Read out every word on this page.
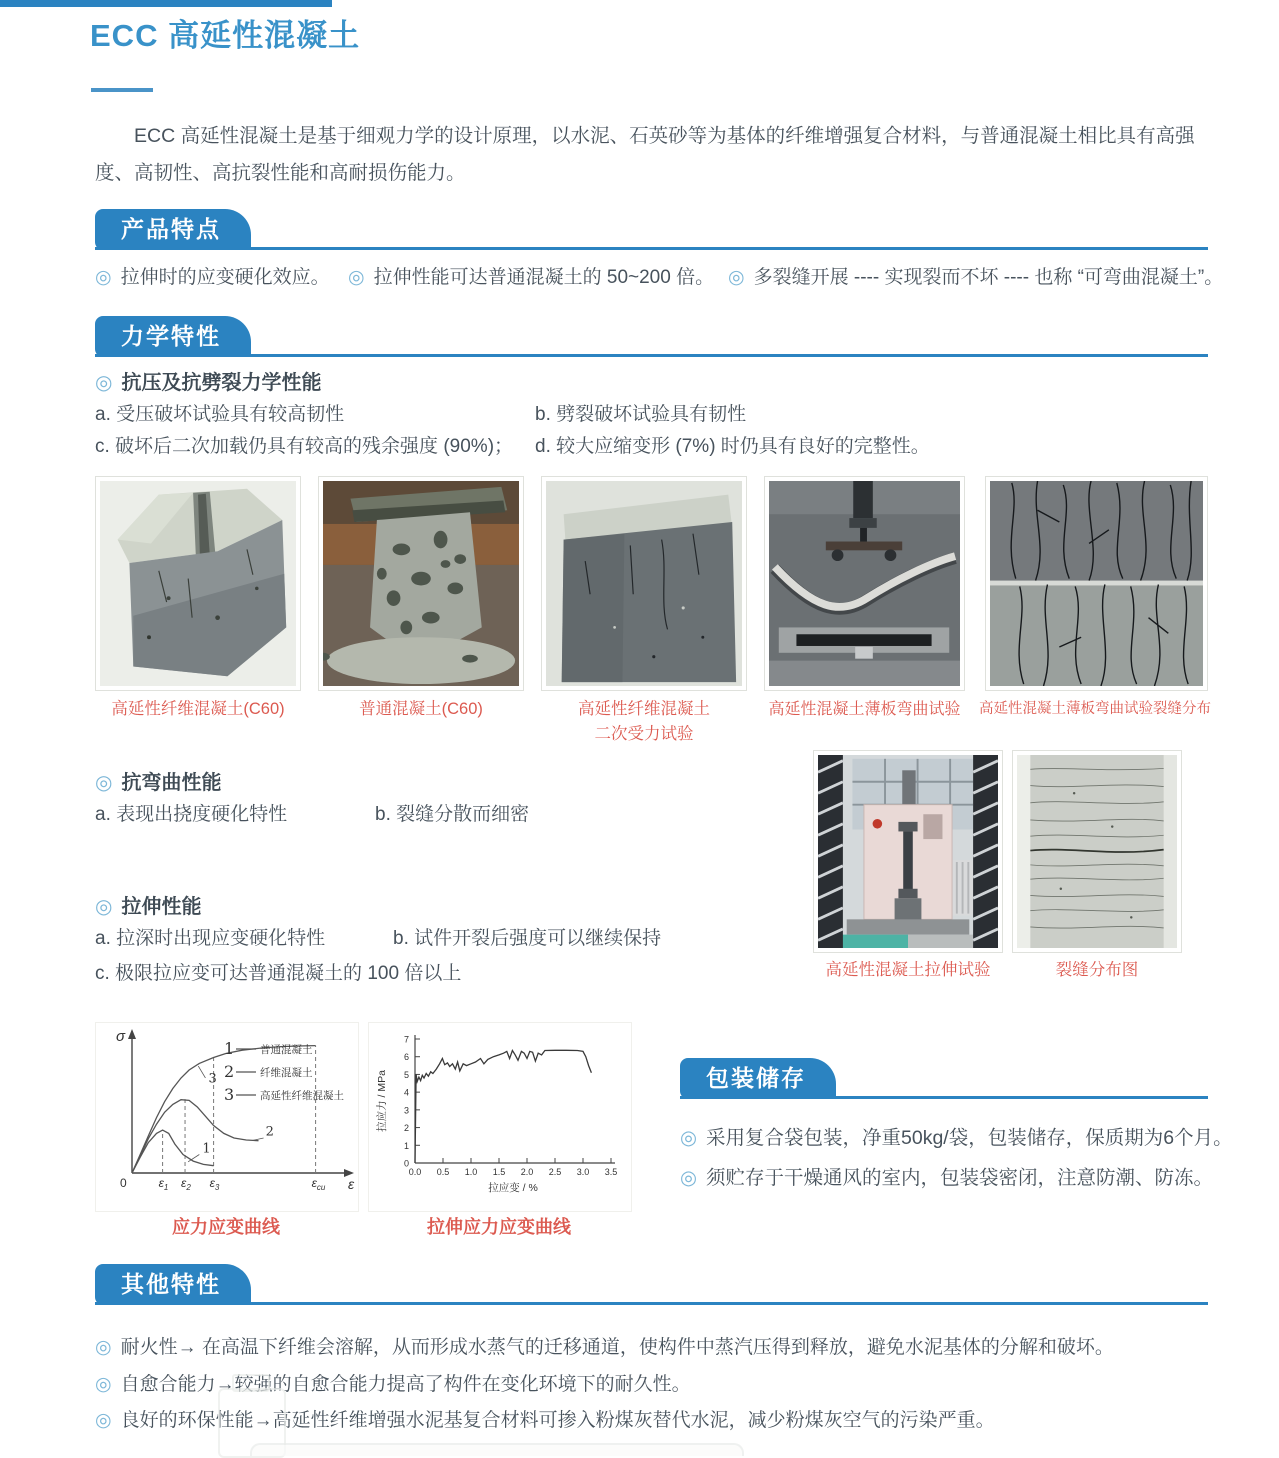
ECC 高延性混凝土

ECC 高延性混凝土是基于细观力学的设计原理，以水泥、石英砂等为基体的纤维增强复合材料，与普通混凝土相比具有高强度、高韧性、高抗裂性能和高耐损伤能力。

产品特点
◎ 拉伸时的应变硬化效应。 ◎	拉伸性能可达普通混凝土的 50~200 倍。 ◎	多裂缝开展 ---- 实现裂而不坏 ---- 也称 “可弯曲混凝土”。
力学特性
◎ 抗压及抗劈裂力学性能
a. 受压破坏试验具有较高韧性	b. 劈裂破坏试验具有韧性
c. 破坏后二次加载仍具有较高的残余强度 (90%)； d. 较大应缩变形 (7%) 时仍具有良好的完整性。
高延性纤维混凝土(C60)	普通混凝土(C60)	高延性纤维混凝土
二次受力试验
高延性混凝土薄板弯曲试验	高延性混凝土薄板弯曲试验裂缝分布
◎ 抗弯曲性能
a. 表现出挠度硬化特性	b. 裂缝分散而细密
高延性混凝土拉伸试验	裂缝分布图
◎ 拉伸性能
a. 拉深时出现应变硬化特性	b. 试件开裂后强度可以继续保持
c. 极限拉应变可达普通混凝土的 100 倍以上
σ
ε
0	$\varepsilon_1$ $\varepsilon_2$ $\varepsilon_3$	$\varepsilon_{cu}$
1
2
3
1 普通混凝土
2 纤维混凝土
3 高延性纤维混凝土
0
1
2
3
4
5
6
7
0.0 0.5 1.0 1.5 2.0 2.5 3.0 3.5
拉应变 / %
拉应力 / MPa
应力应变曲线	拉伸应力应变曲线
包装储存
◎ 采用复合袋包装，净重50kg/袋，包装储存，保质期为6个月。
◎ 须贮存于干燥通风的室内，包装袋密闭，注意防潮、防冻。
其他特性
◎ 耐火性→ 在高温下纤维会溶解，从而形成水蒸气的迁移通道，使构件中蒸汽压得到释放，避免水泥基体的分解和破坏。
◎ 自愈合能力→较强的自愈合能力提高了构件在变化环境下的耐久性。
◎ 良好的环保性能→高延性纤维增强水泥基复合材料可掺入粉煤灰替代水泥，减少粉煤灰空气的污染严重。
